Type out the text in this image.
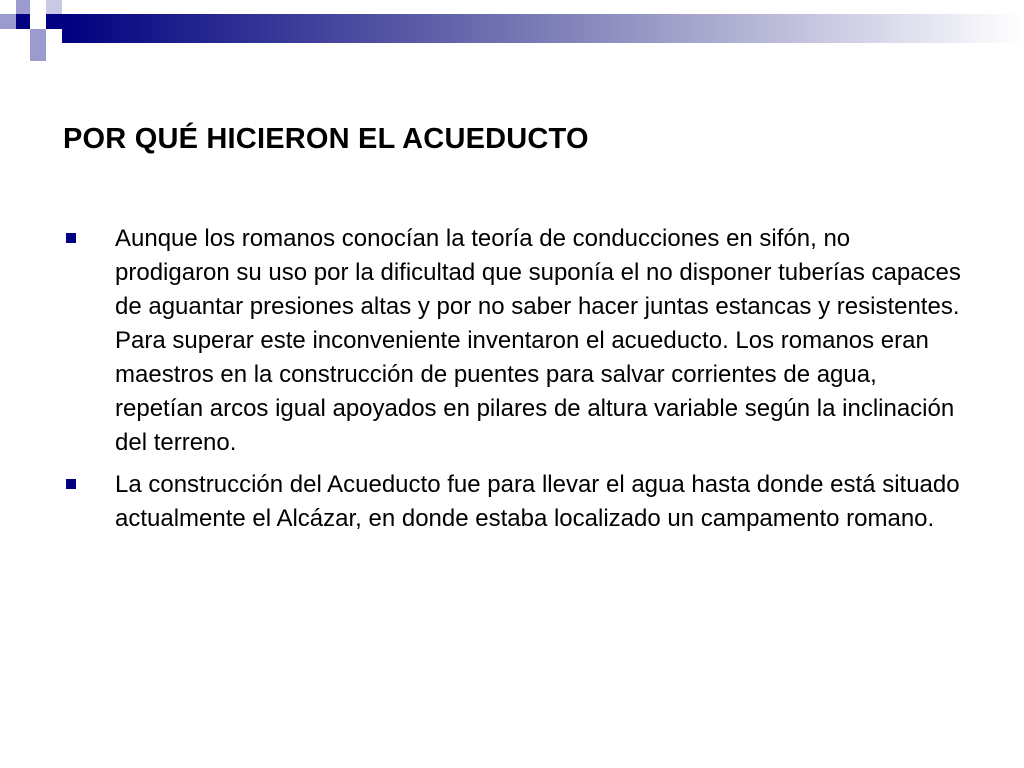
POR QUÉ HICIERON EL ACUEDUCTO
Aunque los romanos conocían la teoría de conducciones en sifón, no prodigaron su uso por la dificultad que suponía el no disponer tuberías capaces de aguantar presiones altas y por no saber hacer juntas estancas y resistentes. Para superar este inconveniente inventaron el acueducto. Los romanos eran maestros en la construcción de puentes para salvar corrientes de agua, repetían arcos igual apoyados en pilares de altura variable según la inclinación del terreno.
La construcción del Acueducto fue para llevar el agua hasta donde está situado actualmente el Alcázar, en donde estaba localizado un campamento romano.
